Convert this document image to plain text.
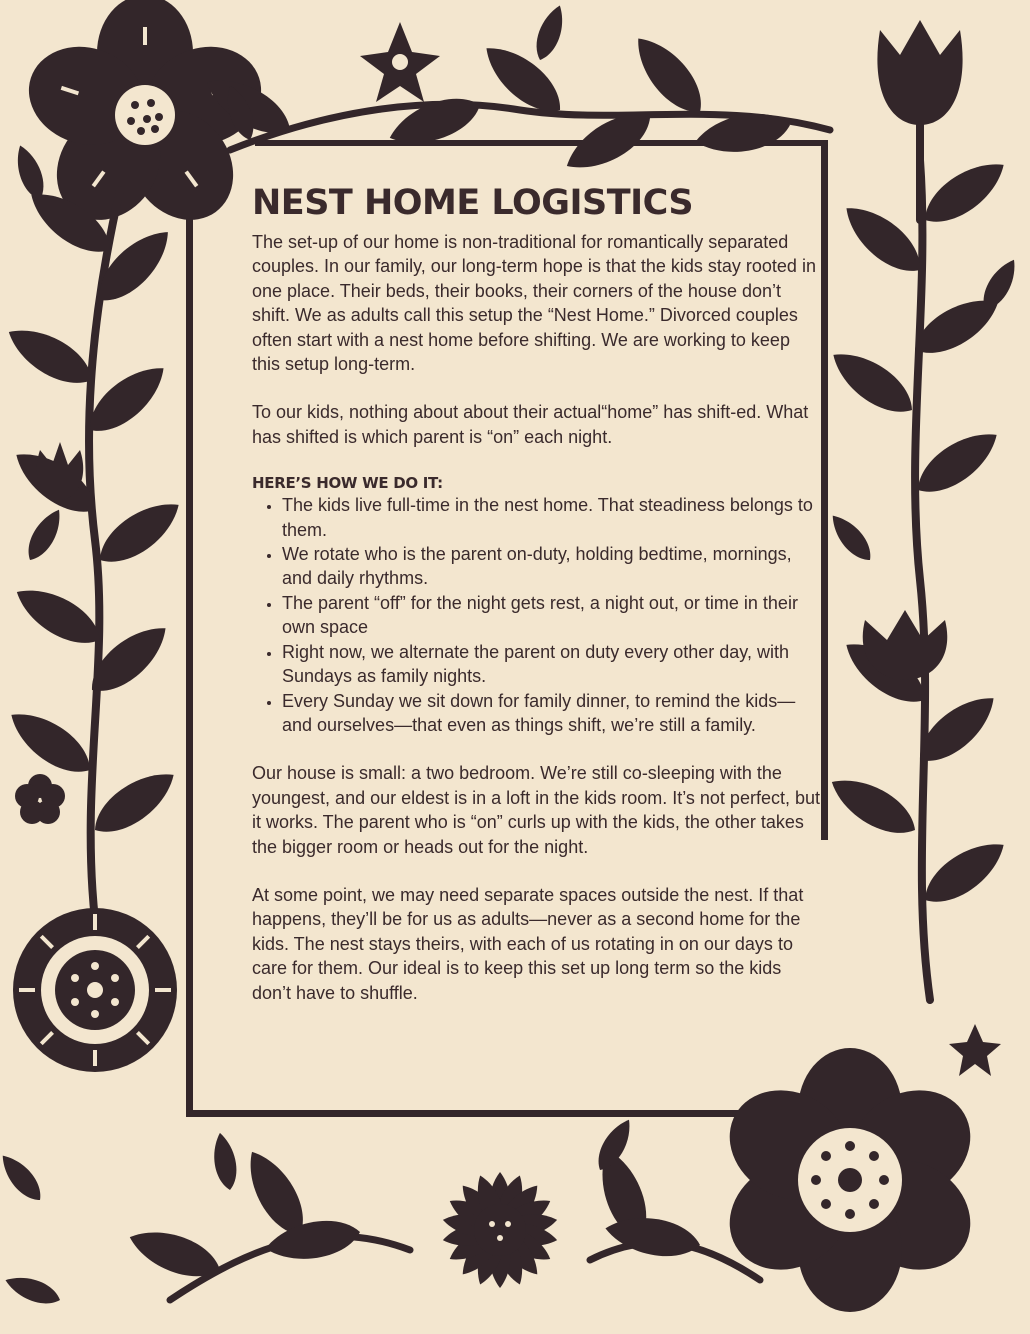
NEST HOME LOGISTICS

The set-up of our home is non-traditional for romantically separated couples. In our family, our long-term hope is that the kids stay rooted in one place. Their beds, their books, their corners of the house don’t shift. We as adults call this setup the “Nest Home.” Divorced couples often start with a nest home before shifting. We are working to keep this setup long-term.

To our kids, nothing about about their actual“home” has shift-ed. What has shifted is which parent is “on” each night.

HERE’S HOW WE DO IT:
• The kids live full-time in the nest home. That steadiness belongs to them.
• We rotate who is the parent on-duty, holding bedtime, mornings, and daily rhythms.
• The parent “off” for the night gets rest, a night out, or time in their own space
• Right now, we alternate the parent on duty every other day, with Sundays as family nights.
• Every Sunday we sit down for family dinner, to remind the kids—and ourselves—that even as things shift, we’re still a family.

Our house is small: a two bedroom. We’re still co-sleeping with the youngest, and our eldest is in a loft in the kids room. It’s not perfect, but it works. The parent who is “on” curls up with the kids, the other takes the bigger room or heads out for the night.

At some point, we may need separate spaces outside the nest. If that happens, they’ll be for us as adults—never as a second home for the kids. The nest stays theirs, with each of us rotating in on our days to care for them. Our ideal is to keep this set up long term so the kids don’t have to shuffle.
